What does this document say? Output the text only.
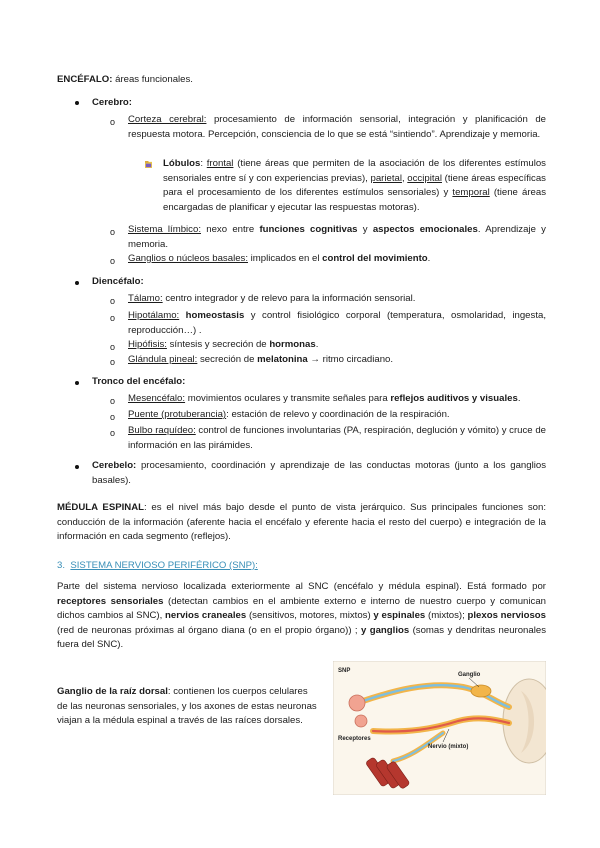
ENCÉFALO: áreas funcionales.
Cerebro:
o Corteza cerebral: procesamiento de información sensorial, integración y planificación de respuesta motora. Percepción, consciencia de lo que se está “sintiendo”. Aprendizaje y memoria.
Lóbulos: frontal (tiene áreas que permiten de la asociación de los diferentes estímulos sensoriales entre sí y con experiencias previas), parietal, occipital (tiene áreas específicas para el procesamiento de los diferentes estímulos sensoriales) y temporal (tiene áreas encargadas de planificar y ejecutar las respuestas motoras).
o Sistema límbico: nexo entre funciones cognitivas y aspectos emocionales. Aprendizaje y memoria.
o Ganglios o núcleos basales: implicados en el control del movimiento.
Diencéfalo:
o Tálamo: centro integrador y de relevo para la información sensorial.
o Hipotálamo: homeostasis y control fisiológico corporal (temperatura, osmolaridad, ingesta, reproducción…) .
o Hipófisis: síntesis y secreción de hormonas.
o Glándula pineal: secreción de melatonina → ritmo circadiano.
Tronco del encéfalo:
o Mesencéfalo: movimientos oculares y transmite señales para reflejos auditivos y visuales.
o Puente (protuberancia): estación de relevo y coordinación de la respiración.
o Bulbo raquídeo: control de funciones involuntarias (PA, respiración, deglución y vómito) y cruce de información en las pirámides.
Cerebelo: procesamiento, coordinación y aprendizaje de las conductas motoras (junto a los ganglios basales).
MÉDULA ESPINAL: es el nivel más bajo desde el punto de vista jerárquico. Sus principales funciones son: conducción de la información (aferente hacia el encéfalo y eferente hacia el resto del cuerpo) e integración de la información en cada segmento (reflejos).
3. SISTEMA NERVIOSO PERIFÉRICO (SNP):
Parte del sistema nervioso localizada exteriormente al SNC (encéfalo y médula espinal). Está formado por receptores sensoriales (detectan cambios en el ambiente externo e interno de nuestro cuerpo y comunican dichos cambios al SNC), nervios craneales (sensitivos, motores, mixtos) y espinales (mixtos); plexos nerviosos (red de neuronas próximas al órgano diana (o en el propio órgano)) ; y ganglios (somas y dendritas neuronales fuera del SNC).
Ganglio de la raíz dorsal: contienen los cuerpos celulares de las neuronas sensoriales, y los axones de estas neuronas viajan a la médula espinal a través de las raíces dorsales.
SNP
Ganglio
Receptores
Nervio (mixto)
